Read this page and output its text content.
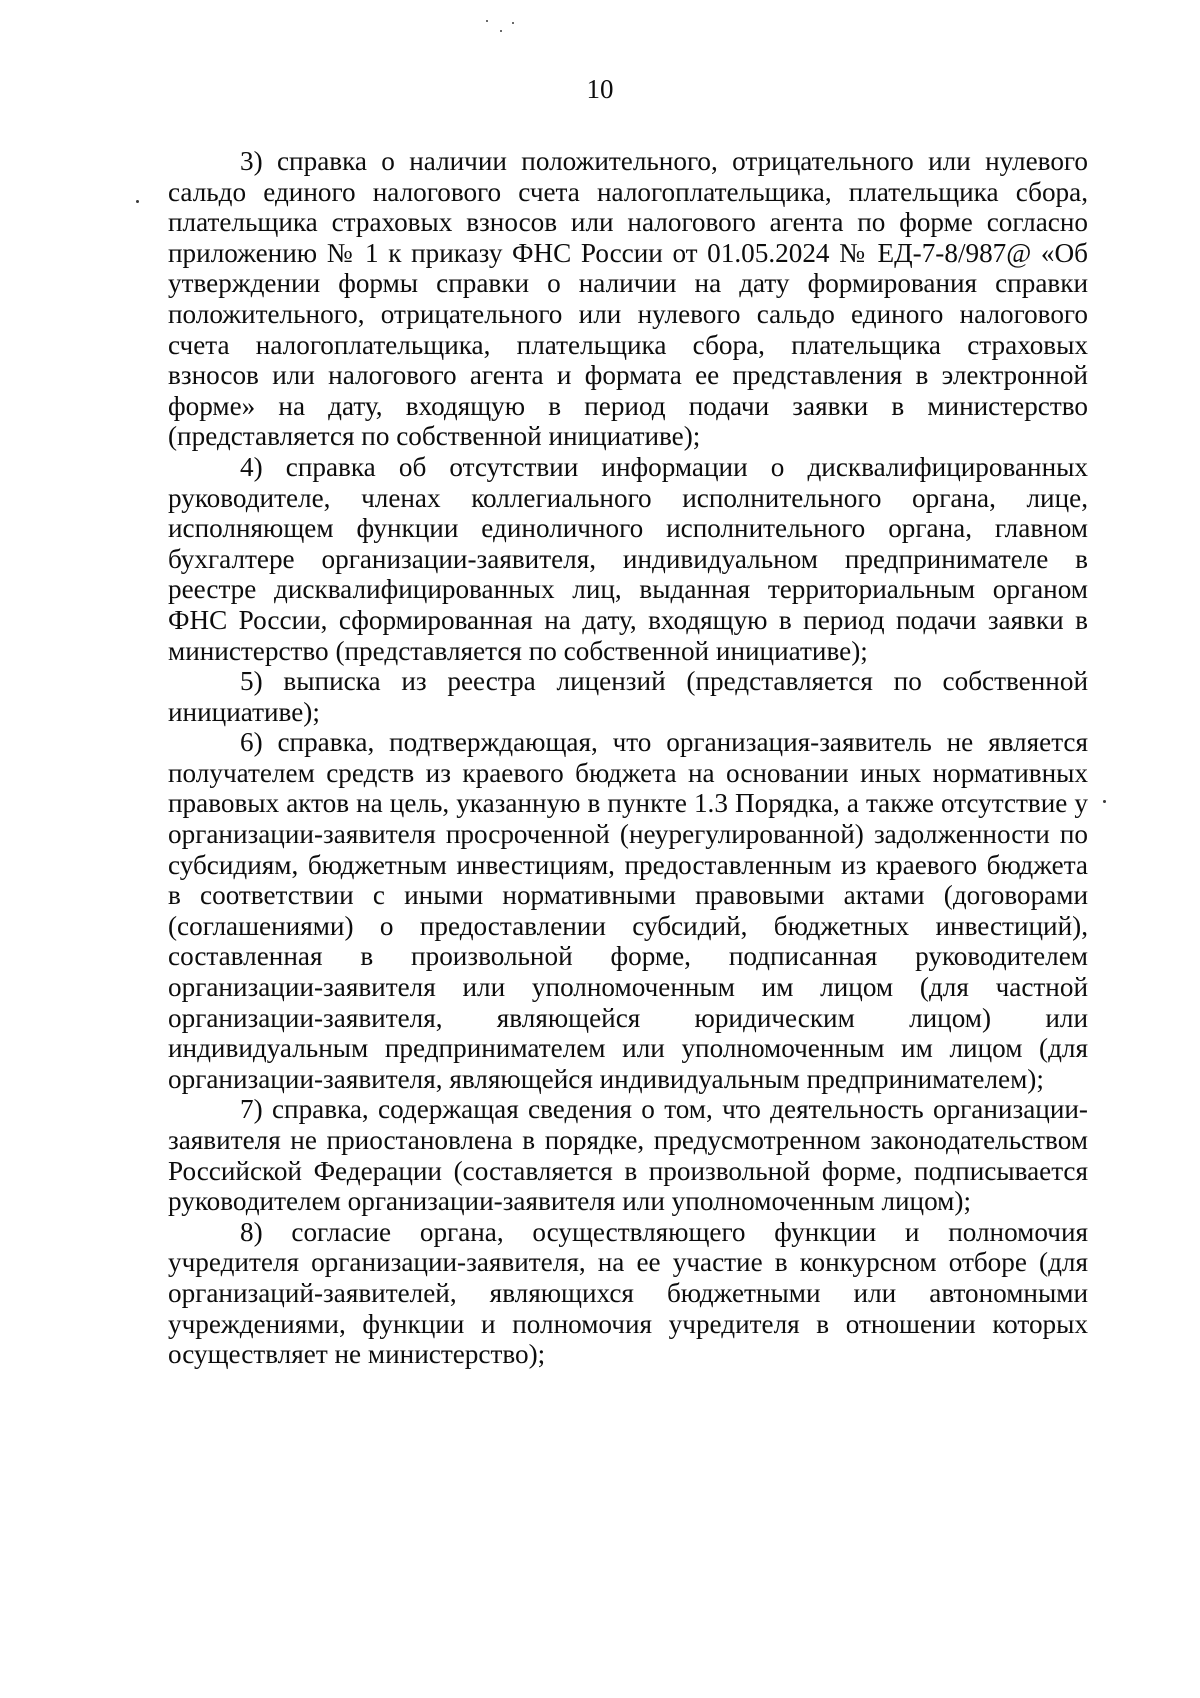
10

3) справка о наличии положительного, отрицательного или нулевого сальдо единого налогового счета налогоплательщика, плательщика сбора, плательщика страховых взносов или налогового агента по форме согласно приложению № 1 к приказу ФНС России от 01.05.2024 № ЕД-7-8/987@ «Об утверждении формы справки о наличии на дату формирования справки положительного, отрицательного или нулевого сальдо единого налогового счета налогоплательщика, плательщика сбора, плательщика страховых взносов или налогового агента и формата ее представления в электронной форме» на дату, входящую в период подачи заявки в министерство (представляется по собственной инициативе);

4) справка об отсутствии информации о дисквалифицированных руководителе, членах коллегиального исполнительного органа, лице, исполняющем функции единоличного исполнительного органа, главном бухгалтере организации-заявителя, индивидуальном предпринимателе в реестре дисквалифицированных лиц, выданная территориальным органом ФНС России, сформированная на дату, входящую в период подачи заявки в министерство (представляется по собственной инициативе);

5) выписка из реестра лицензий (представляется по собственной инициативе);

6) справка, подтверждающая, что организация-заявитель не является получателем средств из краевого бюджета на основании иных нормативных правовых актов на цель, указанную в пункте 1.3 Порядка, а также отсутствие у организации-заявителя просроченной (неурегулированной) задолженности по субсидиям, бюджетным инвестициям, предоставленным из краевого бюджета в соответствии с иными нормативными правовыми актами (договорами (соглашениями) о предоставлении субсидий, бюджетных инвестиций), составленная в произвольной форме, подписанная руководителем организации-заявителя или уполномоченным им лицом (для частной организации-заявителя, являющейся юридическим лицом) или индивидуальным предпринимателем или уполномоченным им лицом (для организации-заявителя, являющейся индивидуальным предпринимателем);

7) справка, содержащая сведения о том, что деятельность организации-заявителя не приостановлена в порядке, предусмотренном законодательством Российской Федерации (составляется в произвольной форме, подписывается руководителем организации-заявителя или уполномоченным лицом);

8) согласие органа, осуществляющего функции и полномочия учредителя организации-заявителя, на ее участие в конкурсном отборе (для организаций-заявителей, являющихся бюджетными или автономными учреждениями, функции и полномочия учредителя в отношении которых осуществляет не министерство);
